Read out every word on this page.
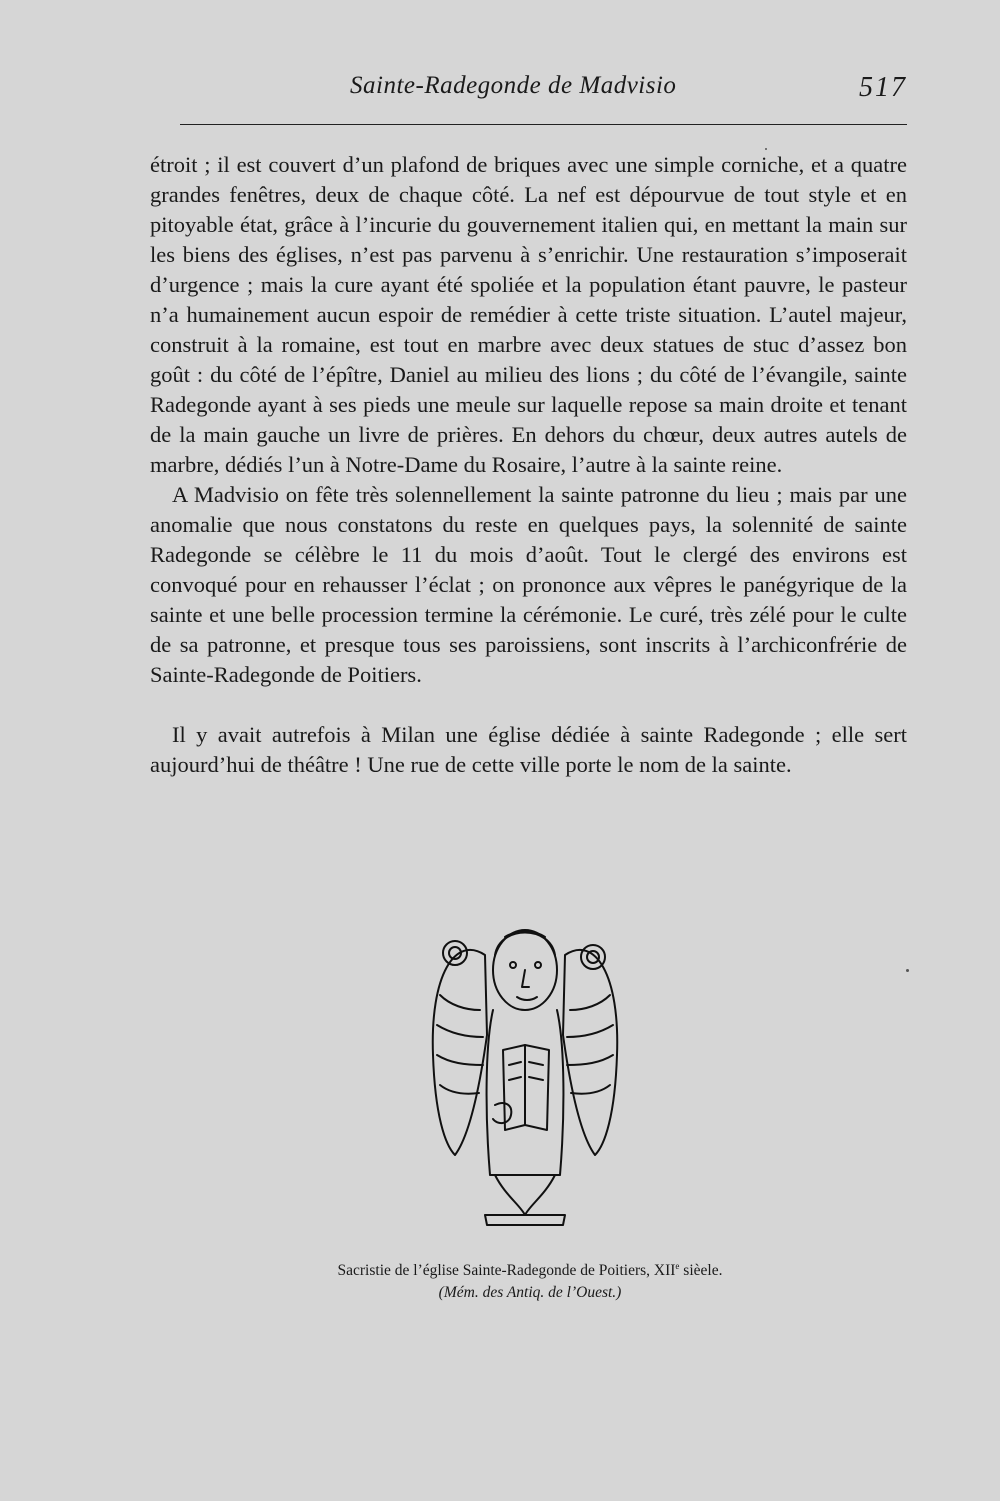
Sainte-Radegonde de Madvisio	517

étroit ; il est couvert d’un plafond de briques avec une simple corniche, et a quatre grandes fenêtres, deux de chaque côté. La nef est dépourvue de tout style et en pitoyable état, grâce à l’incurie du gouvernement italien qui, en mettant la main sur les biens des églises, n’est pas parvenu à s’enrichir. Une restauration s’imposerait d’urgence ; mais la cure ayant été spoliée et la population étant pauvre, le pasteur n’a humainement aucun espoir de remédier à cette triste situation. L’autel majeur, construit à la romaine, est tout en marbre avec deux statues de stuc d’assez bon goût : du côté de l’épître, Daniel au milieu des lions ; du côté de l’évangile, sainte Radegonde ayant à ses pieds une meule sur laquelle repose sa main droite et tenant de la main gauche un livre de prières. En dehors du chœur, deux autres autels de marbre, dédiés l’un à Notre-Dame du Rosaire, l’autre à la sainte reine.

A Madvisio on fête très solennellement la sainte patronne du lieu ; mais par une anomalie que nous constatons du reste en quelques pays, la solennité de sainte Radegonde se célèbre le 11 du mois d’août. Tout le clergé des environs est convoqué pour en rehausser l’éclat ; on prononce aux vêpres le panégyrique de la sainte et une belle procession termine la cérémonie. Le curé, très zélé pour le culte de sa patronne, et presque tous ses paroissiens, sont inscrits à l’archiconfrérie de Sainte-Radegonde de Poitiers.

Il y avait autrefois à Milan une église dédiée à sainte Radegonde ; elle sert aujourd’hui de théâtre ! Une rue de cette ville porte le nom de la sainte.

Sacristie de l’église Sainte-Radegonde de Poitiers, XIIe sièele.
(Mém. des Antiq. de l’Ouest.)
